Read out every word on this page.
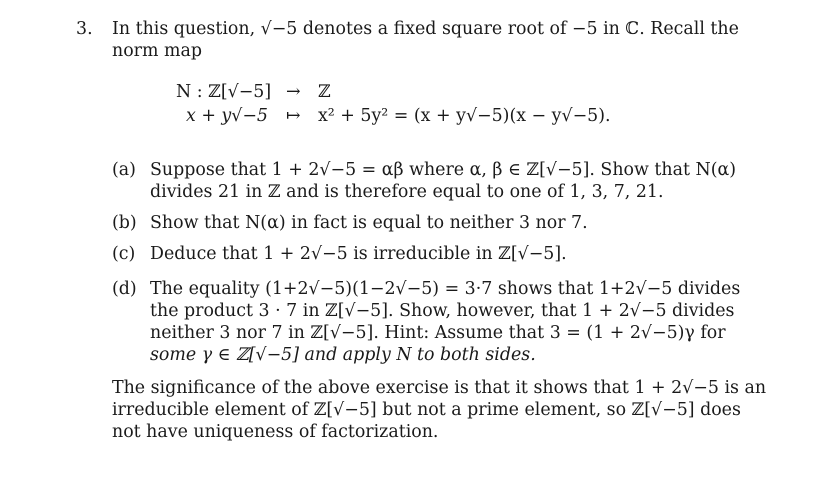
3. In this question, √−5 denotes a fixed square root of −5 in ℂ. Recall the
norm map
N : ℤ[√−5] → ℤ
x + y√−5 ↦ x² + 5y² = (x + y√−5)(x − y√−5).
(a) Suppose that 1 + 2√−5 = αβ where α, β ∈ ℤ[√−5]. Show that N(α)
divides 21 in ℤ and is therefore equal to one of 1, 3, 7, 21.
(b) Show that N(α) in fact is equal to neither 3 nor 7.
(c) Deduce that 1 + 2√−5 is irreducible in ℤ[√−5].
(d) The equality (1+2√−5)(1−2√−5) = 3·7 shows that 1+2√−5 divides
the product 3 · 7 in ℤ[√−5]. Show, however, that 1 + 2√−5 divides
neither 3 nor 7 in ℤ[√−5]. Hint: Assume that 3 = (1 + 2√−5)γ for
some γ ∈ ℤ[√−5] and apply N to both sides.
The significance of the above exercise is that it shows that 1 + 2√−5 is an
irreducible element of ℤ[√−5] but not a prime element, so ℤ[√−5] does
not have uniqueness of factorization.
